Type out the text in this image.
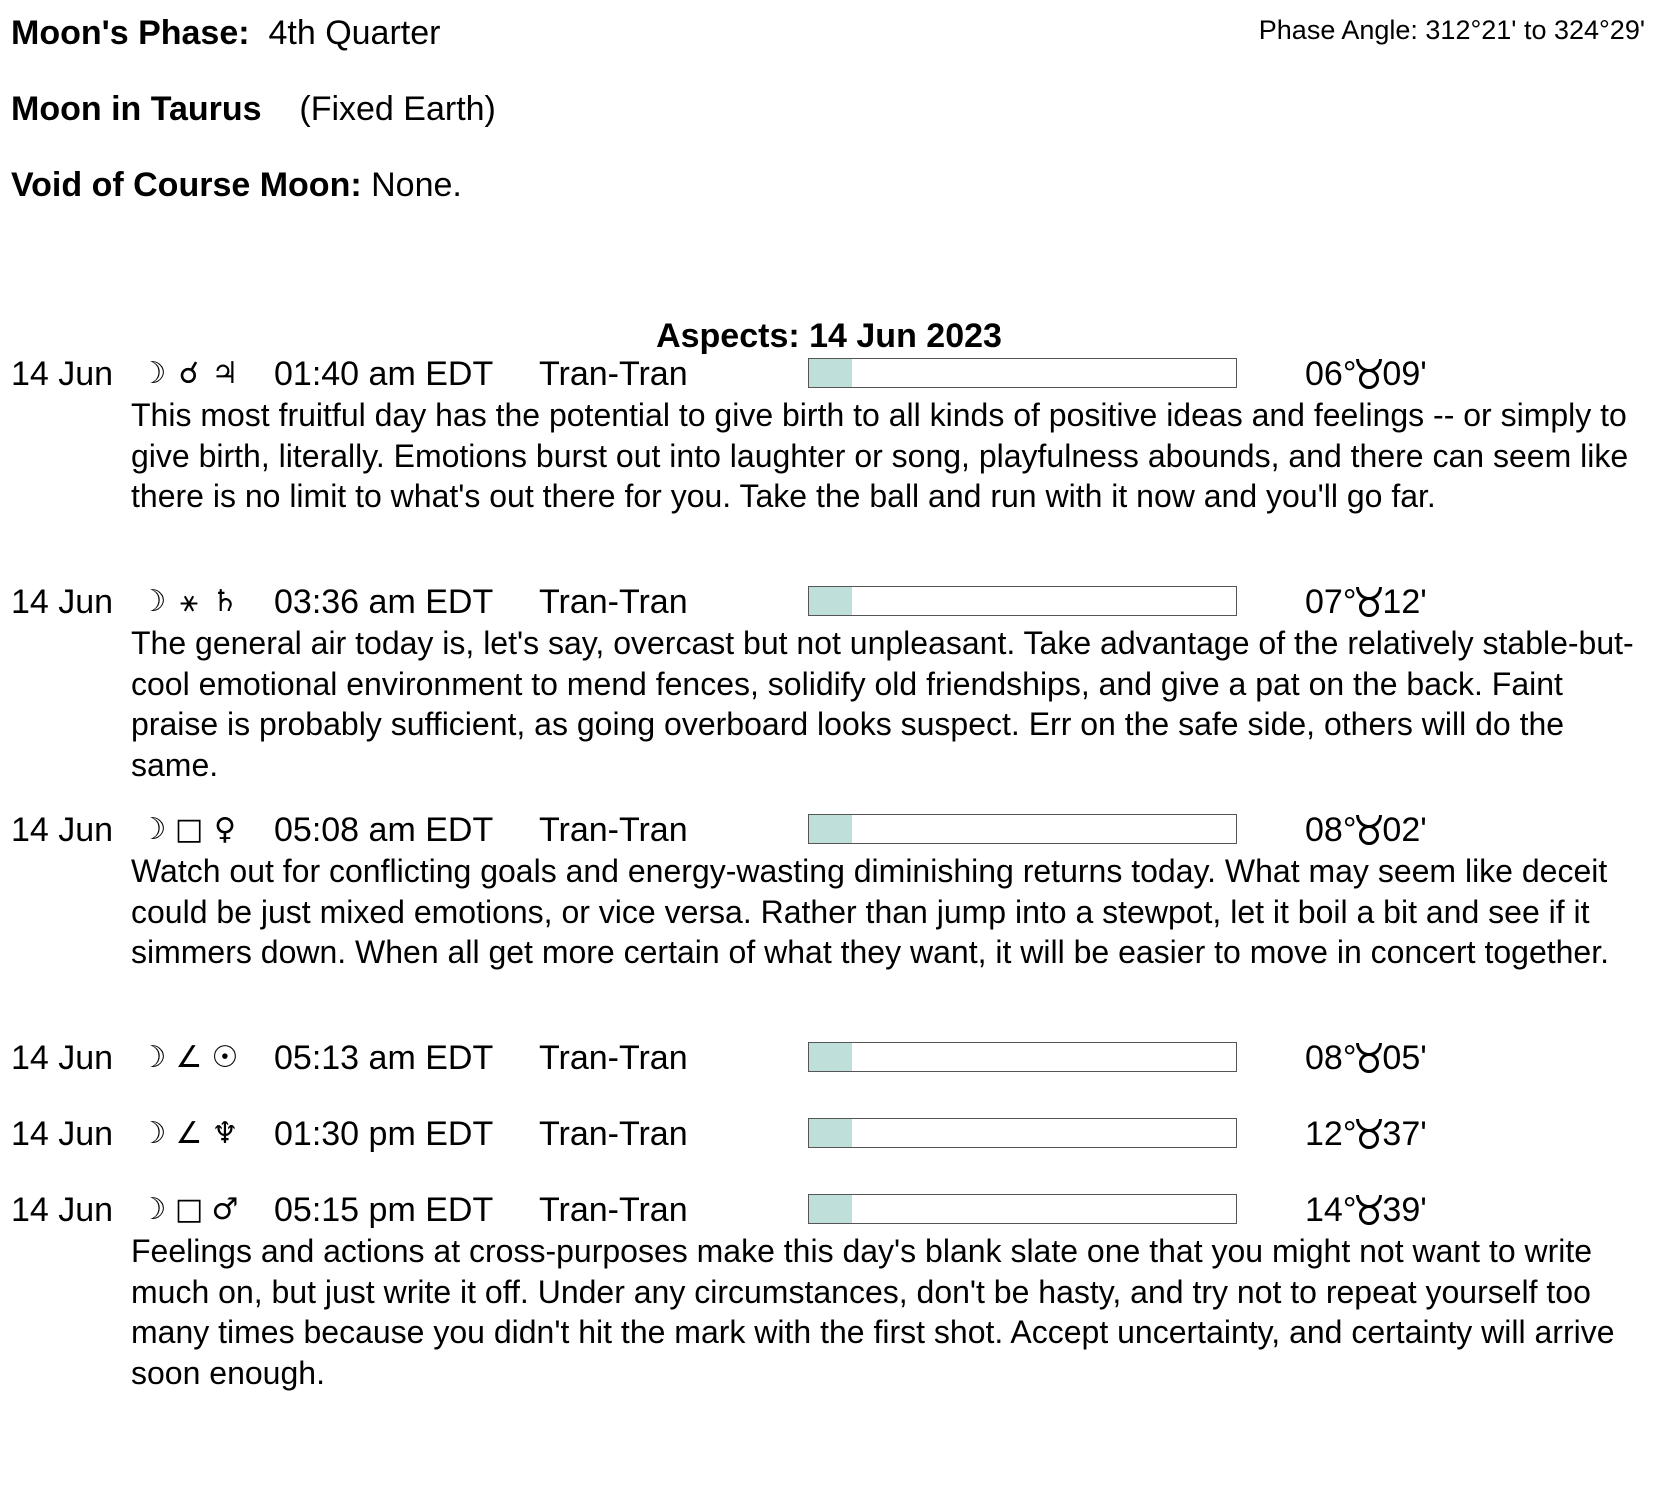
Moon's Phase: 4th Quarter	Phase Angle: 312°21' to 324°29'
Moon in Taurus (Fixed Earth)
Void of Course Moon: None.
Aspects: 14 Jun 2023
14 Jun ☽ ☌ ♃ 01:40 am EDT Tran-Tran	06° 09'
This most fruitful day has the potential to give birth to all kinds of positive ideas and feelings -- or simply to give birth, literally. Emotions burst out into laughter or song, playfulness abounds, and there can seem like there is no limit to what's out there for you. Take the ball and run with it now and you'll go far.
14 Jun ☽ ⚹ ♄ 03:36 am EDT Tran-Tran	07° 12'
The general air today is, let's say, overcast but not unpleasant. Take advantage of the relatively stable-but-cool emotional environment to mend fences, solidify old friendships, and give a pat on the back. Faint praise is probably sufficient, as going overboard looks suspect. Err on the safe side, others will do the same.
14 Jun ☽ □ ♀ 05:08 am EDT Tran-Tran	08° 02'
Watch out for conflicting goals and energy-wasting diminishing returns today. What may seem like deceit could be just mixed emotions, or vice versa. Rather than jump into a stewpot, let it boil a bit and see if it simmers down. When all get more certain of what they want, it will be easier to move in concert together.
14 Jun ☽ ∠ ☉ 05:13 am EDT Tran-Tran	08° 05'
14 Jun ☽ ∠ ♆ 01:30 pm EDT Tran-Tran	12° 37'
14 Jun ☽ □ ♂ 05:15 pm EDT Tran-Tran	14° 39'
Feelings and actions at cross-purposes make this day's blank slate one that you might not want to write much on, but just write it off. Under any circumstances, don't be hasty, and try not to repeat yourself too many times because you didn't hit the mark with the first shot. Accept uncertainty, and certainty will arrive soon enough.
